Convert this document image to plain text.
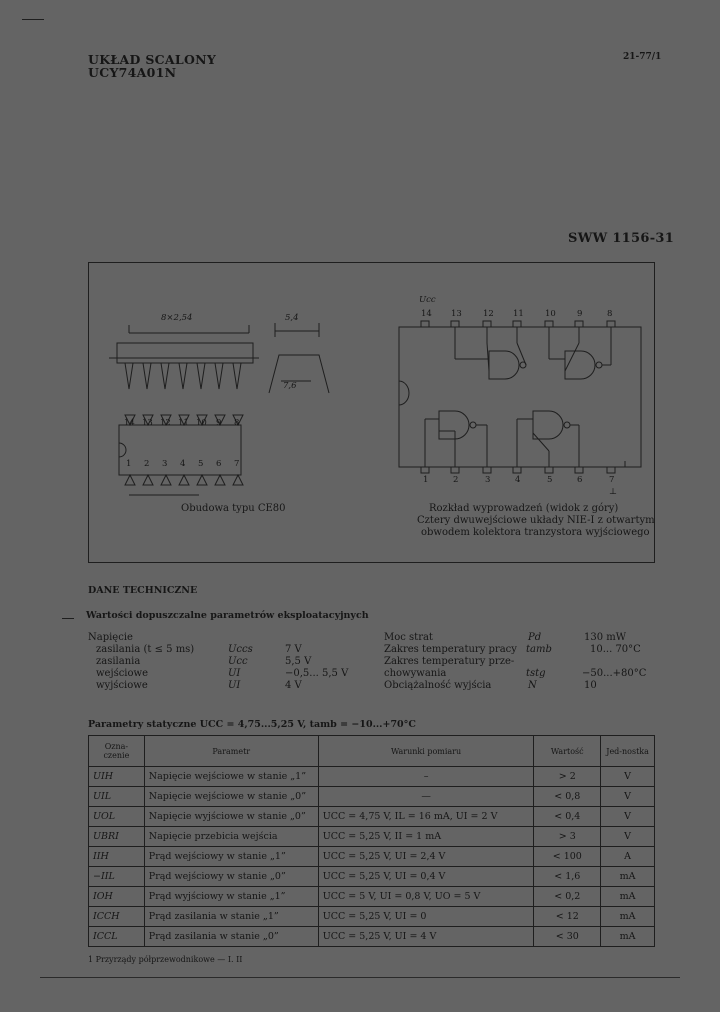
UKŁAD SCALONY
UCY74A01N
21-77/1
SWW 1156-31
8×2,54	5,4
7,6
14 13 12 11 10 9 8
1 2 3 4 5 6 7
Ucc
14 13 12 11 10 9	8
1	2	3	4	5	6	7
⊥
Obudowa typu CE80	Rozkład wyprowadzeń (widok z góry)
Cztery dwuwejściowe układy NIE-I z otwartym
obwodem kolektora tranzystora wyjściowego
DANE TECHNICZNE
Wartości dopuszczalne parametrów eksploatacyjnych
Napięcie
zasilania (t ≤ 5 ms)	Uccs	7 V
zasilania	Ucc	5,5 V
wejściowe	UI	−0,5... 5,5 V
wyjściowe	UI	4 V
Moc strat	Pd	130 mW
Zakres temperatury pracy tamb	10... 70°C
Zakres temperatury prze-
chowywania	tstg	−50...+80°C
Obciążalność wyjścia	N	10
Parametry statyczne UCC = 4,75...5,25 V, tamb = −10...+70°C
Ozna-czenie	Parametr	Warunki pomiaru	Wartość	Jed-nostka
UIH	Napięcie wejściowe w stanie „1”	–	> 2	V
UIL	Napięcie wejściowe w stanie „0”	—	< 0,8	V
UOL	Napięcie wyjściowe w stanie „0”	UCC = 4,75 V, IL = 16 mA, UI = 2 V	< 0,4	V
UBRI	Napięcie przebicia wejścia	UCC = 5,25 V, II = 1 mA	> 3	V
IIH	Prąd wejściowy w stanie „1”	UCC = 5,25 V, UI = 2,4 V	< 100	A
−IIL	Prąd wejściowy w stanie „0”	UCC = 5,25 V, UI = 0,4 V	< 1,6	mA
IOH	Prąd wyjściowy w stanie „1”	UCC = 5 V, UI = 0,8 V, UO = 5 V	< 0,2	mA
ICCH	Prąd zasilania w stanie „1”	UCC = 5,25 V, UI = 0	< 12	mA
ICCL	Prąd zasilania w stanie „0”	UCC = 5,25 V, UI = 4 V	< 30	mA
1 Przyrządy półprzewodnikowe — I. II
